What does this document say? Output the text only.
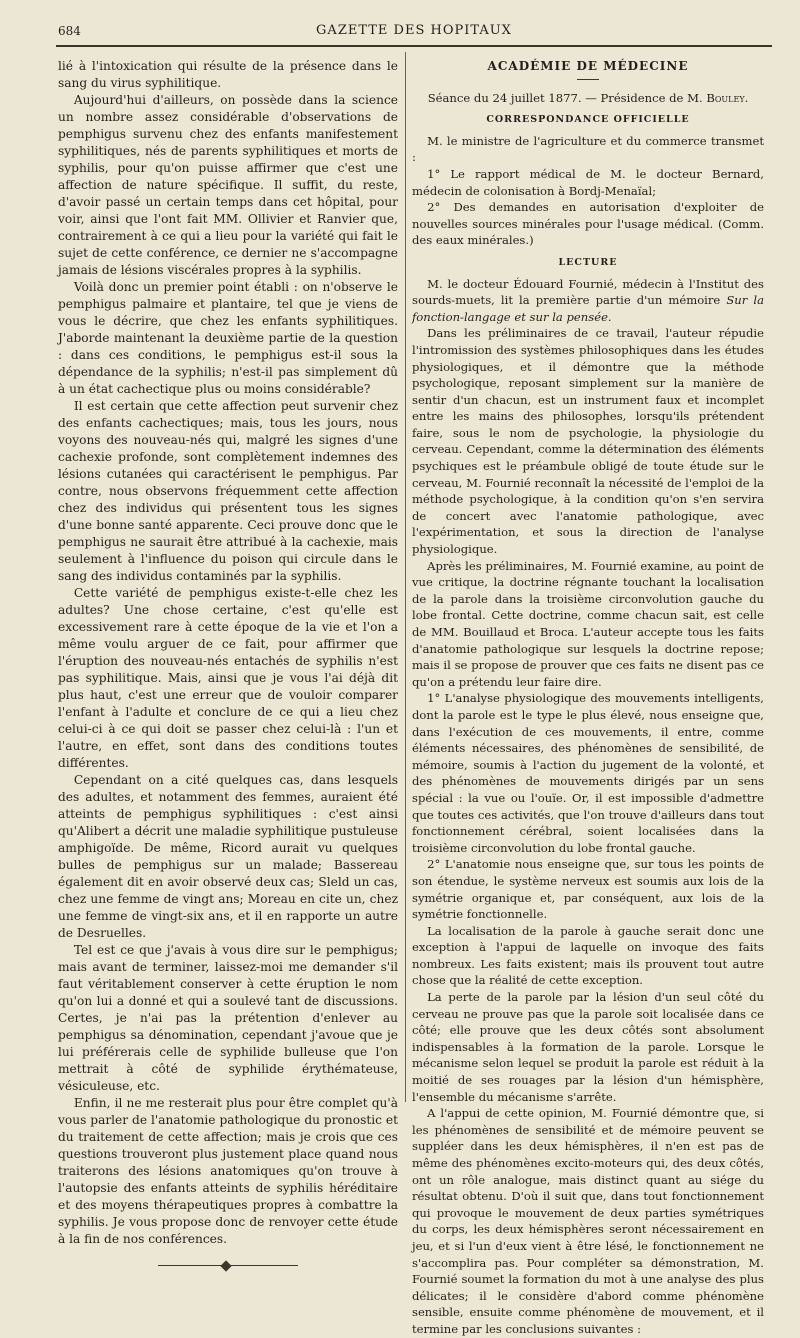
684	GAZETTE DES HOPITAUX

lié à l'intoxication qui résulte de la présence dans le sang du virus syphilitique.

Aujourd'hui d'ailleurs, on possède dans la science un nombre assez considérable d'observations de pemphigus survenu chez des enfants manifestement syphilitiques, nés de parents syphilitiques et morts de syphilis, pour qu'on puisse affirmer que c'est une affection de nature spécifique. Il suffit, du reste, d'avoir passé un certain temps dans cet hôpital, pour voir, ainsi que l'ont fait MM. Ollivier et Ranvier que, contrairement à ce qui a lieu pour la variété qui fait le sujet de cette conférence, ce dernier ne s'accompagne jamais de lésions viscérales propres à la syphilis.

Voilà donc un premier point établi : on n'observe le pemphigus palmaire et plantaire, tel que je viens de vous le décrire, que chez les enfants syphilitiques. J'aborde maintenant la deuxième partie de la question : dans ces conditions, le pemphigus est-il sous la dépendance de la syphilis; n'est-il pas simplement dû à un état cachectique plus ou moins considérable?

Il est certain que cette affection peut survenir chez des enfants cachectiques; mais, tous les jours, nous voyons des nouveau-nés qui, malgré les signes d'une cachexie profonde, sont complètement indemnes des lésions cutanées qui caractérisent le pemphigus. Par contre, nous observons fréquemment cette affection chez des individus qui présentent tous les signes d'une bonne santé apparente. Ceci prouve donc que le pemphigus ne saurait être attribué à la cachexie, mais seulement à l'influence du poison qui circule dans le sang des individus contaminés par la syphilis.

Cette variété de pemphigus existe-t-elle chez les adultes? Une chose certaine, c'est qu'elle est excessivement rare à cette époque de la vie et l'on a même voulu arguer de ce fait, pour affirmer que l'éruption des nouveau-nés entachés de syphilis n'est pas syphilitique. Mais, ainsi que je vous l'ai déjà dit plus haut, c'est une erreur que de vouloir comparer l'enfant à l'adulte et conclure de ce qui a lieu chez celui-ci à ce qui doit se passer chez celui-là : l'un et l'autre, en effet, sont dans des conditions toutes différentes.

Cependant on a cité quelques cas, dans lesquels des adultes, et notamment des femmes, auraient été atteints de pemphigus syphilitiques : c'est ainsi qu'Alibert a décrit une maladie syphilitique pustuleuse amphigoïde. De même, Ricord aurait vu quelques bulles de pemphigus sur un malade; Bassereau également dit en avoir observé deux cas; Sleld un cas, chez une femme de vingt ans; Moreau en cite un, chez une femme de vingt-six ans, et il en rapporte un autre de Desruelles.

Tel est ce que j'avais à vous dire sur le pemphigus; mais avant de terminer, laissez-moi me demander s'il faut véritablement conserver à cette éruption le nom qu'on lui a donné et qui a soulevé tant de discussions. Certes, je n'ai pas la prétention d'enlever au pemphigus sa dénomination, cependant j'avoue que je lui préférerais celle de syphilide bulleuse que l'on mettrait à côté de syphilide érythémateuse, vésiculeuse, etc.

Enfin, il ne me resterait plus pour être complet qu'à vous parler de l'anatomie pathologique du pronostic et du traitement de cette affection; mais je crois que ces questions trouveront plus justement place quand nous traiterons des lésions anatomiques qu'on trouve à l'autopsie des enfants atteints de syphilis héréditaire et des moyens thérapeutiques propres à combattre la syphilis. Je vous propose donc de renvoyer cette étude à la fin de nos conférences.

ACADÉMIE DE MÉDECINE

Séance du 24 juillet 1877. — Présidence de M. Bouley.

CORRESPONDANCE OFFICIELLE

M. le ministre de l'agriculture et du commerce transmet :

1° Le rapport médical de M. le docteur Bernard, médecin de colonisation à Bordj-Menaïal;

2° Des demandes en autorisation d'exploiter de nouvelles sources minérales pour l'usage médical. (Comm. des eaux minérales.)

LECTURE

M. le docteur Édouard Fournié, médecin à l'Institut des sourds-muets, lit la première partie d'un mémoire Sur la fonction-langage et sur la pensée.

Dans les préliminaires de ce travail, l'auteur répudie l'intromission des systèmes philosophiques dans les études physiologiques, et il démontre que la méthode psychologique, reposant simplement sur la manière de sentir d'un chacun, est un instrument faux et incomplet entre les mains des philosophes, lorsqu'ils prétendent faire, sous le nom de psychologie, la physiologie du cerveau. Cependant, comme la détermination des éléments psychiques est le préambule obligé de toute étude sur le cerveau, M. Fournié reconnaît la nécessité de l'emploi de la méthode psychologique, à la condition qu'on s'en servira de concert avec l'anatomie pathologique, avec l'expérimentation, et sous la direction de l'analyse physiologique.

Après les préliminaires, M. Fournié examine, au point de vue critique, la doctrine régnante touchant la localisation de la parole dans la troisième circonvolution gauche du lobe frontal. Cette doctrine, comme chacun sait, est celle de MM. Bouillaud et Broca. L'auteur accepte tous les faits d'anatomie pathologique sur lesquels la doctrine repose; mais il se propose de prouver que ces faits ne disent pas ce qu'on a prétendu leur faire dire.

1° L'analyse physiologique des mouvements intelligents, dont la parole est le type le plus élevé, nous enseigne que, dans l'exécution de ces mouvements, il entre, comme éléments nécessaires, des phénomènes de sensibilité, de mémoire, soumis à l'action du jugement de la volonté, et des phénomènes de mouvements dirigés par un sens spécial : la vue ou l'ouïe. Or, il est impossible d'admettre que toutes ces activités, que l'on trouve d'ailleurs dans tout fonctionnement cérébral, soient localisées dans la troisième circonvolution du lobe frontal gauche.

2° L'anatomie nous enseigne que, sur tous les points de son étendue, le système nerveux est soumis aux lois de la symétrie organique et, par conséquent, aux lois de la symétrie fonctionnelle.

La localisation de la parole à gauche serait donc une exception à l'appui de laquelle on invoque des faits nombreux. Les faits existent; mais ils prouvent tout autre chose que la réalité de cette exception.

La perte de la parole par la lésion d'un seul côté du cerveau ne prouve pas que la parole soit localisée dans ce côté; elle prouve que les deux côtés sont absolument indispensables à la formation de la parole. Lorsque le mécanisme selon lequel se produit la parole est réduit à la moitié de ses rouages par la lésion d'un hémisphère, l'ensemble du mécanisme s'arrête.

A l'appui de cette opinion, M. Fournié démontre que, si les phénomènes de sensibilité et de mémoire peuvent se suppléer dans les deux hémisphères, il n'en est pas de même des phénomènes excito-moteurs qui, des deux côtés, ont un rôle analogue, mais distinct quant au siége du résultat obtenu. D'où il suit que, dans tout fonctionnement qui provoque le mouvement de deux parties symétriques du corps, les deux hémisphères seront nécessairement en jeu, et si l'un d'eux vient à être lésé, le fonctionnement ne s'accomplira pas. Pour compléter sa démonstration, M. Fournié soumet la formation du mot à une analyse des plus délicates; il le considère d'abord comme phénomène sensible, ensuite comme phénomène de mouvement, et il termine par les conclusions suivantes :
